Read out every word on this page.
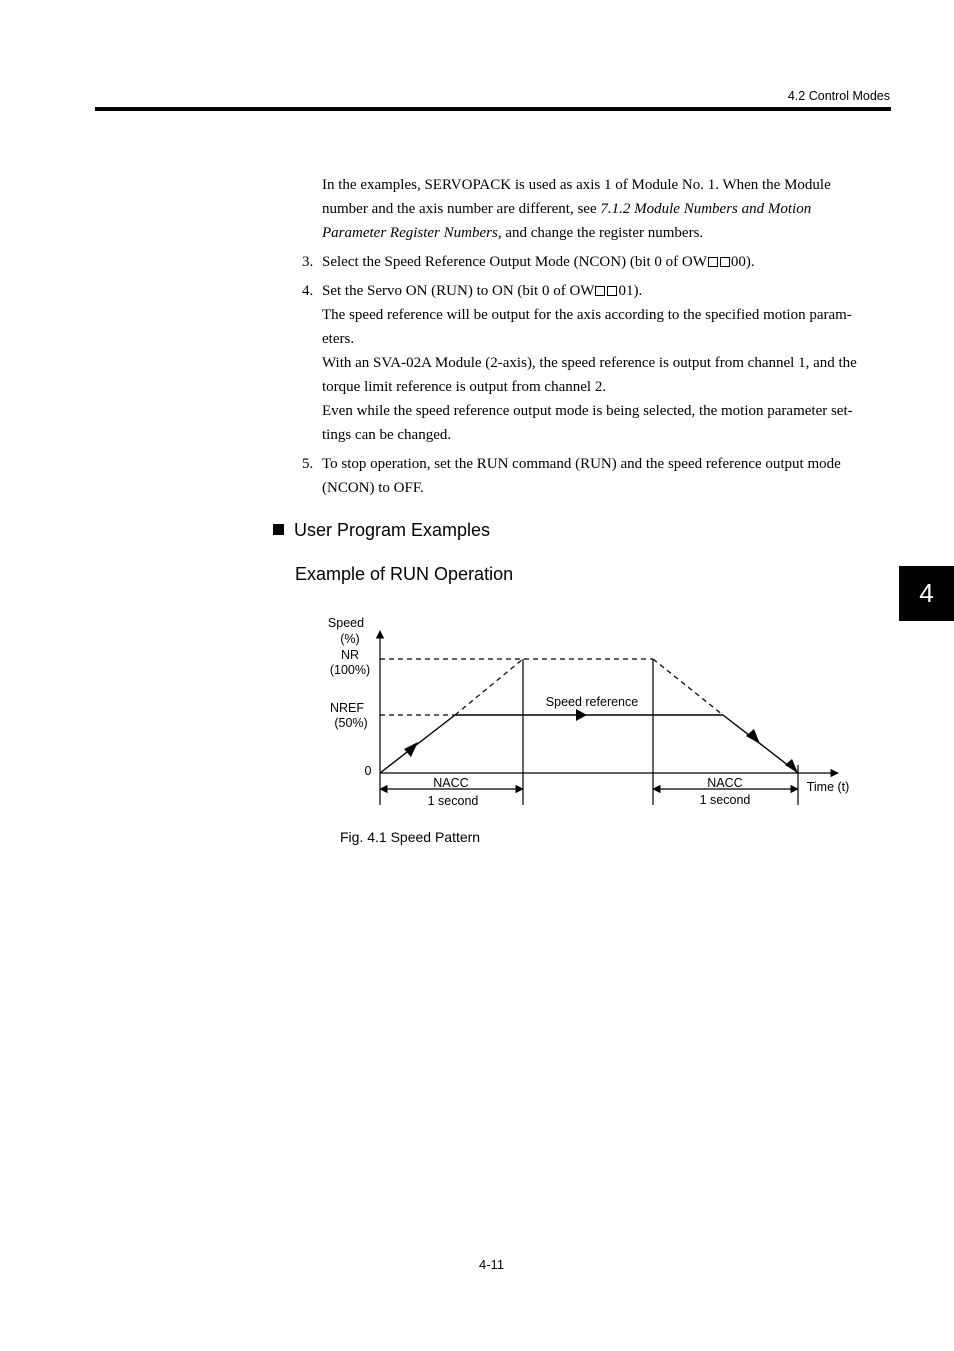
4.2 Control Modes
4
In the examples, SERVOPACK is used as axis 1 of Module No. 1. When the Module
number and the axis number are different, see 7.1.2 Module Numbers and Motion
Parameter Register Numbers, and change the register numbers.
3. Select the Speed Reference Output Mode (NCON) (bit 0 of OW 00).
4. Set the Servo ON (RUN) to ON (bit 0 of OW 01).
The speed reference will be output for the axis according to the specified motion param-
eters.
With an SVA-02A Module (2-axis), the speed reference is output from channel 1, and the
torque limit reference is output from channel 2.
Even while the speed reference output mode is being selected, the motion parameter set-
tings can be changed.
5. To stop operation, set the RUN command (RUN) and the speed reference output mode
(NCON) to OFF.
User Program Examples
Example of RUN Operation
Speed
(%)
NR
(100%)
NREF
(50%)
0
Speed reference
Time (t)
NACC
1 second
NACC
1 second
Fig. 4.1 Speed Pattern
4-11
